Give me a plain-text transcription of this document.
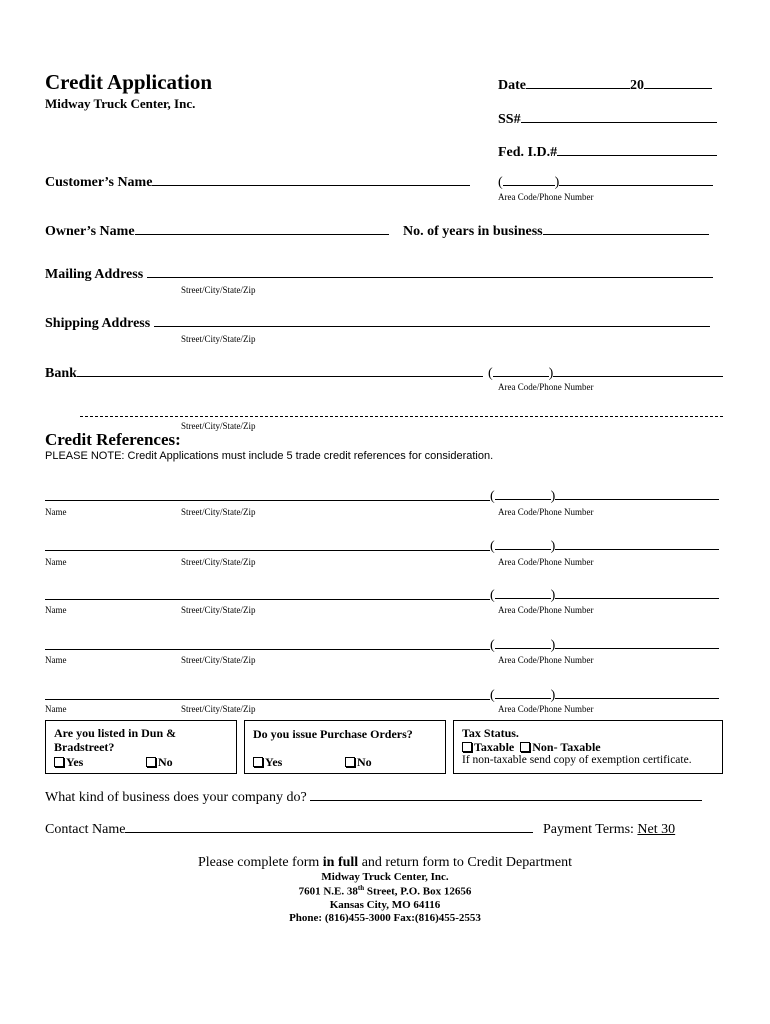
Credit Application
Midway Truck Center, Inc.
Date	20
SS#
Fed. I.D.#
Customer’s Name	(	)
Area Code/Phone Number
Owner’s Name	No. of years in business
Mailing Address
Street/City/State/Zip
Shipping Address
Street/City/State/Zip
Bank	(	)
Area Code/Phone Number
Street/City/State/Zip
Credit References:
PLEASE NOTE: Credit Applications must include 5 trade credit references for consideration.
(	)
Name	Street/City/State/Zip	Area Code/Phone Number
(	)
Name	Street/City/State/Zip	Area Code/Phone Number
(	)
Name	Street/City/State/Zip	Area Code/Phone Number
(	)
Name	Street/City/State/Zip	Area Code/Phone Number
(	)
Name	Street/City/State/Zip	Area Code/Phone Number
Are you listed in Dun &
Bradstreet?
Yes	No
Do you issue Purchase Orders?
Yes	No
Tax Status.
Taxable Non- Taxable
If non-taxable send copy of exemption certificate.
What kind of business does your company do?
Contact Name	Payment Terms: Net 30
Please complete form in full and return form to Credit Department
Midway Truck Center, Inc.
7601 N.E. 38th Street, P.O. Box 12656
Kansas City, MO 64116
Phone: (816)455-3000 Fax:(816)455-2553
